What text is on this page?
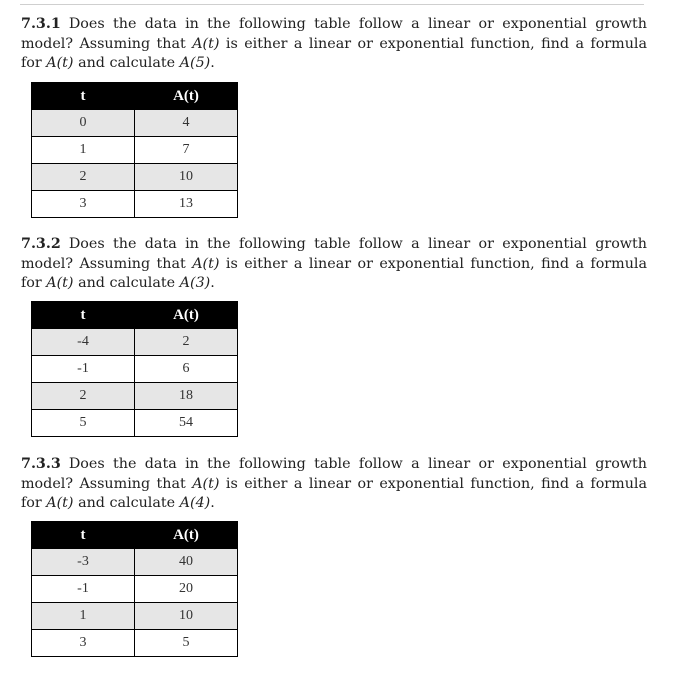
7.3.1 Does the data in the following table follow a linear or exponential growth model? Assuming that A(t) is either a linear or exponential function, find a formula for A(t) and calculate A(5).

t	A(t)
0	4
1	7
2	10
3	13

7.3.2 Does the data in the following table follow a linear or exponential growth model? Assuming that A(t) is either a linear or exponential function, find a formula for A(t) and calculate A(3).

t	A(t)
-4	2
-1	6
2	18
5	54

7.3.3 Does the data in the following table follow a linear or exponential growth model? Assuming that A(t) is either a linear or exponential function, find a formula for A(t) and calculate A(4).

t	A(t)
-3	40
-1	20
1	10
3	5
